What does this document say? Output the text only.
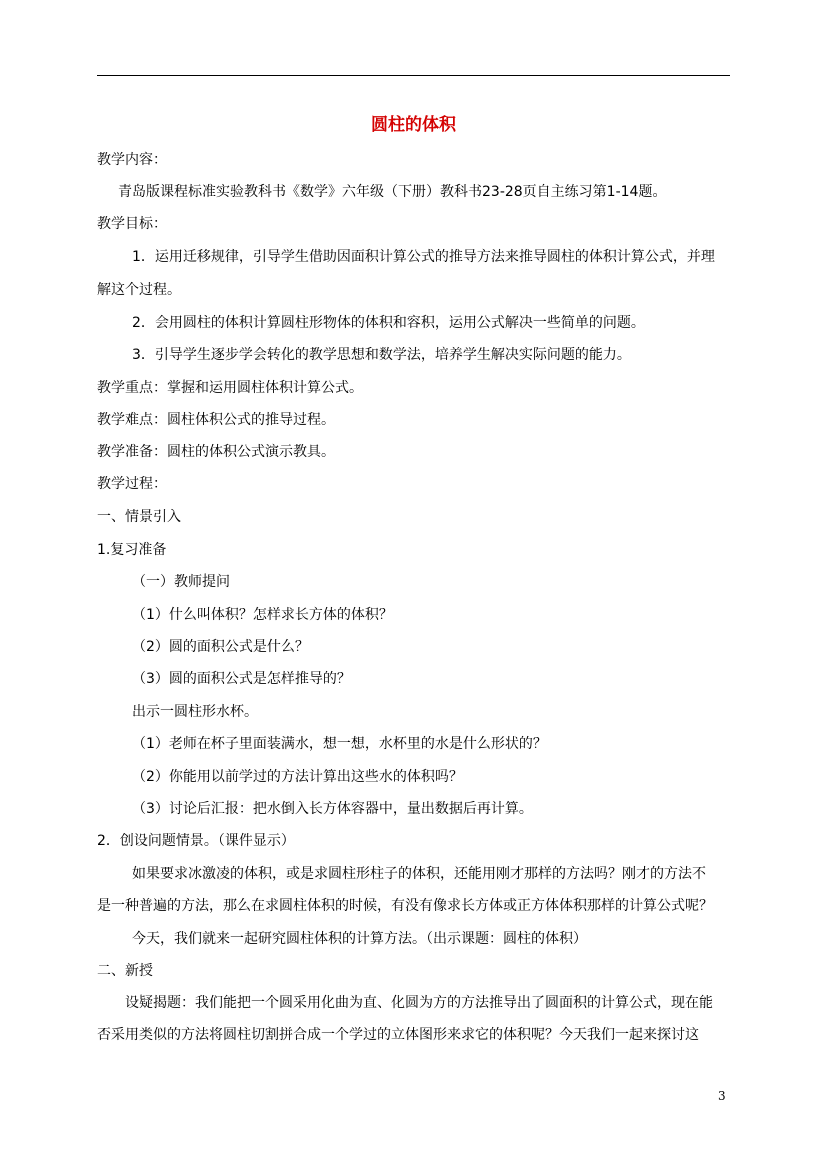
圆柱的体积
教学内容：
青岛版课程标准实验教科书《数学》六年级（下册）教科书23-28页自主练习第1-14题。
教学目标：
1．运用迁移规律，引导学生借助因面积计算公式的推导方法来推导圆柱的体积计算公式，并理
解这个过程。
2．会用圆柱的体积计算圆柱形物体的体积和容积，运用公式解决一些简单的问题。
3．引导学生逐步学会转化的教学思想和数学法，培养学生解决实际问题的能力。
教学重点：掌握和运用圆柱体积计算公式。
教学难点：圆柱体积公式的推导过程。
教学准备：圆柱的体积公式演示教具。
教学过程：
一、情景引入
1.复习准备
（一）教师提问
（1）什么叫体积？怎样求长方体的体积？
（2）圆的面积公式是什么？
（3）圆的面积公式是怎样推导的？
出示一圆柱形水杯。
（1）老师在杯子里面装满水，想一想，水杯里的水是什么形状的？
（2）你能用以前学过的方法计算出这些水的体积吗？
（3）讨论后汇报：把水倒入长方体容器中，量出数据后再计算。
2．创设问题情景。（课件显示）
如果要求冰激凌的体积，或是求圆柱形柱子的体积，还能用刚才那样的方法吗？刚才的方法不
是一种普遍的方法，那么在求圆柱体积的时候，有没有像求长方体或正方体体积那样的计算公式呢？
今天，我们就来一起研究圆柱体积的计算方法。（出示课题：圆柱的体积）
二、新授
设疑揭题：我们能把一个圆采用化曲为直、化圆为方的方法推导出了圆面积的计算公式，现在能
否采用类似的方法将圆柱切割拼合成一个学过的立体图形来求它的体积呢？今天我们一起来探讨这
3
